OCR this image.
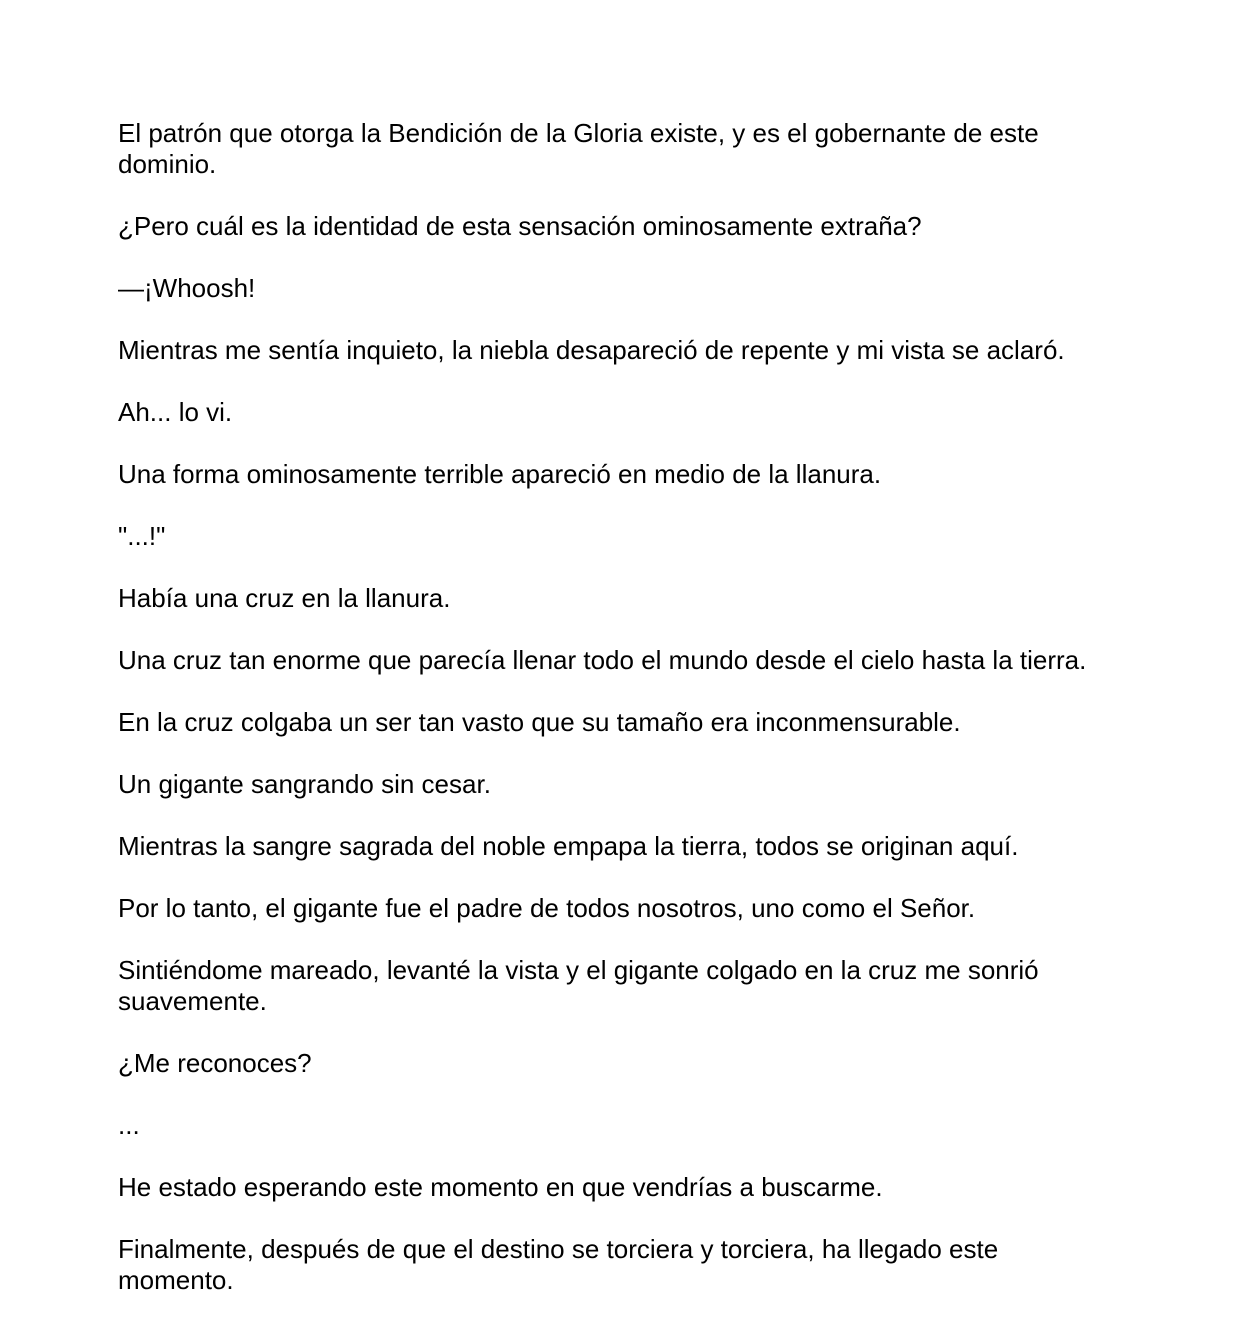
El patrón que otorga la Bendición de la Gloria existe, y es el gobernante de este dominio.

¿Pero cuál es la identidad de esta sensación ominosamente extraña?

—¡Whoosh!

Mientras me sentía inquieto, la niebla desapareció de repente y mi vista se aclaró.

Ah... lo vi.

Una forma ominosamente terrible apareció en medio de la llanura.

"...!"

Había una cruz en la llanura.

Una cruz tan enorme que parecía llenar todo el mundo desde el cielo hasta la tierra.

En la cruz colgaba un ser tan vasto que su tamaño era inconmensurable.

Un gigante sangrando sin cesar.

Mientras la sangre sagrada del noble empapa la tierra, todos se originan aquí.

Por lo tanto, el gigante fue el padre de todos nosotros, uno como el Señor.

Sintiéndome mareado, levanté la vista y el gigante colgado en la cruz me sonrió suavemente.

¿Me reconoces?

...

He estado esperando este momento en que vendrías a buscarme.

Finalmente, después de que el destino se torciera y torciera, ha llegado este momento.
